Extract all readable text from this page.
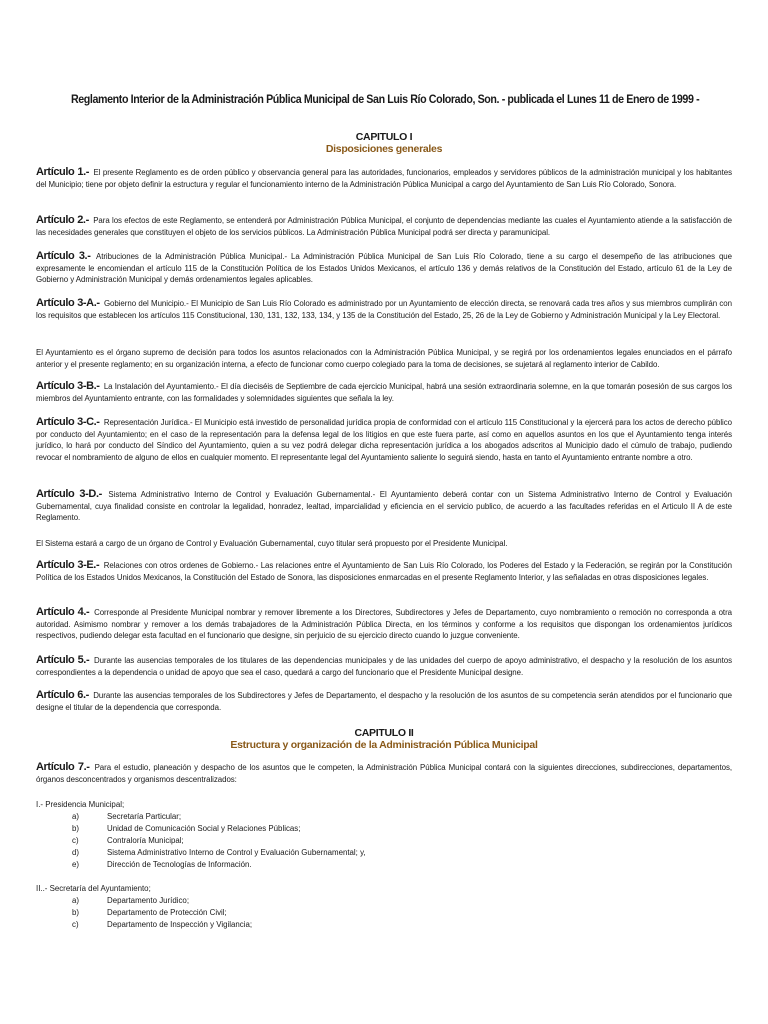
Reglamento Interior de la Administración Pública Municipal de San Luis Río Colorado, Son. - publicada el Lunes 11 de Enero de 1999 -
CAPITULO I
Disposiciones generales
Artículo 1.- El presente Reglamento es de orden público y observancia general para las autoridades, funcionarios, empleados y servidores públicos de la administración municipal y los habitantes del Municipio; tiene por objeto definir la estructura y regular el funcionamiento interno de la Administración Pública Municipal a cargo del Ayuntamiento de San Luis Río Colorado, Sonora.
Artículo 2.- Para los efectos de este Reglamento, se entenderá por Administración Pública Municipal, el conjunto de dependencias mediante las cuales el Ayuntamiento atiende a la satisfacción de las necesidades generales que constituyen el objeto de los servicios públicos. La Administración Pública Municipal podrá ser directa y paramunicipal.
Artículo 3.- Atribuciones de la Administración Pública Municipal.- La Administración Pública Municipal de San Luis Río Colorado, tiene a su cargo el desempeño de las atribuciones que expresamente le encomiendan el artículo 115 de la Constitución Política de los Estados Unidos Mexicanos, el artículo 136 y demás relativos de la Constitución del Estado, artículo 61 de la Ley de Gobierno y Administración Municipal y demás ordenamientos legales aplicables.
Artículo 3-A.- Gobierno del Municipio.- El Municipio de San Luis Río Colorado es administrado por un Ayuntamiento de elección directa, se renovará cada tres años y sus miembros cumplirán con los requisitos que establecen los artículos 115 Constitucional, 130, 131, 132, 133, 134, y 135 de la Constitución del Estado, 25, 26 de la Ley de Gobierno y Administración Municipal y la Ley Electoral.
El Ayuntamiento es el órgano supremo de decisión para todos los asuntos relacionados con la Administración Pública Municipal, y se regirá por los ordenamientos legales enunciados en el párrafo anterior y el presente reglamento; en su organización interna, a efecto de funcionar como cuerpo colegiado para la toma de decisiones, se sujetará al reglamento interior de Cabildo.
Artículo 3-B.- La Instalación del Ayuntamiento.- El día dieciséis de Septiembre de cada ejercicio Municipal, habrá una sesión extraordinaria solemne, en la que tomarán posesión de sus cargos los miembros del Ayuntamiento entrante, con las formalidades y solemnidades siguientes que señala la ley.
Artículo 3-C.- Representación Jurídica.- El Municipio está investido de personalidad jurídica propia de conformidad con el artículo 115 Constitucional y la ejercerá para los actos de derecho público por conducto del Ayuntamiento; en el caso de la representación para la defensa legal de los litigios en que este fuera parte, así como en aquellos asuntos en los que el Ayuntamiento tenga interés jurídico, lo hará por conducto del Síndico del Ayuntamiento, quien a su vez podrá delegar dicha representación jurídica a los abogados adscritos al Municipio dado el cúmulo de trabajo, pudiendo revocar el nombramiento de alguno de ellos en cualquier momento. El representante legal del Ayuntamiento saliente lo seguirá siendo, hasta en tanto el Ayuntamiento entrante nombre a otro.
Artículo 3-D.- Sistema Administrativo Interno de Control y Evaluación Gubernamental.- El Ayuntamiento deberá contar con un Sistema Administrativo Interno de Control y Evaluación Gubernamental, cuya finalidad consiste en controlar la legalidad, honradez, lealtad, imparcialidad y eficiencia en el servicio publico, de acuerdo a las facultades referidas en el Articulo II A de este Reglamento.
El Sistema estará a cargo de un órgano de Control y Evaluación Gubernamental, cuyo titular será propuesto por el Presidente Municipal.
Artículo 3-E.- Relaciones con otros ordenes de Gobierno.- Las relaciones entre el Ayuntamiento de San Luis Río Colorado, los Poderes del Estado y la Federación, se regirán por la Constitución Política de los Estados Unidos Mexicanos, la Constitución del Estado de Sonora, las disposiciones enmarcadas en el presente Reglamento Interior, y las señaladas en otras disposiciones legales.
Artículo 4.- Corresponde al Presidente Municipal nombrar y remover libremente a los Directores, Subdirectores y Jefes de Departamento, cuyo nombramiento o remoción no corresponda a otra autoridad. Asimismo nombrar y remover a los demás trabajadores de la Administración Pública Directa, en los términos y conforme a los requisitos que dispongan los ordenamientos jurídicos respectivos, pudiendo delegar esta facultad en el funcionario que designe, sin perjuicio de su ejercicio directo cuando lo juzgue conveniente.
Artículo 5.- Durante las ausencias temporales de los titulares de las dependencias municipales y de las unidades del cuerpo de apoyo administrativo, el despacho y la resolución de los asuntos correspondientes a la dependencia o unidad de apoyo que sea el caso, quedará a cargo del funcionario que el Presidente Municipal designe.
Artículo 6.- Durante las ausencias temporales de los Subdirectores y Jefes de Departamento, el despacho y la resolución de los asuntos de su competencia serán atendidos por el funcionario que designe el titular de la dependencia que corresponda.
CAPITULO II
Estructura y organización de la Administración Pública Municipal
Artículo 7.- Para el estudio, planeación y despacho de los asuntos que le competen, la Administración Pública Municipal contará con la siguientes direcciones, subdirecciones, departamentos, órganos desconcentrados y organismos descentralizados:
I.- Presidencia Municipal;
a)	Secretaría Particular;
b)	Unidad de Comunicación Social y Relaciones Públicas;
c)	Contraloría Municipal;
d)	Sistema Administrativo Interno de Control y Evaluación Gubernamental; y,
e)	Dirección de Tecnologías de Información.
II..- Secretaría del Ayuntamiento;
a)	Departamento Jurídico;
b)	Departamento de Protección Civil;
c)	Departamento de Inspección y Vigilancia;
